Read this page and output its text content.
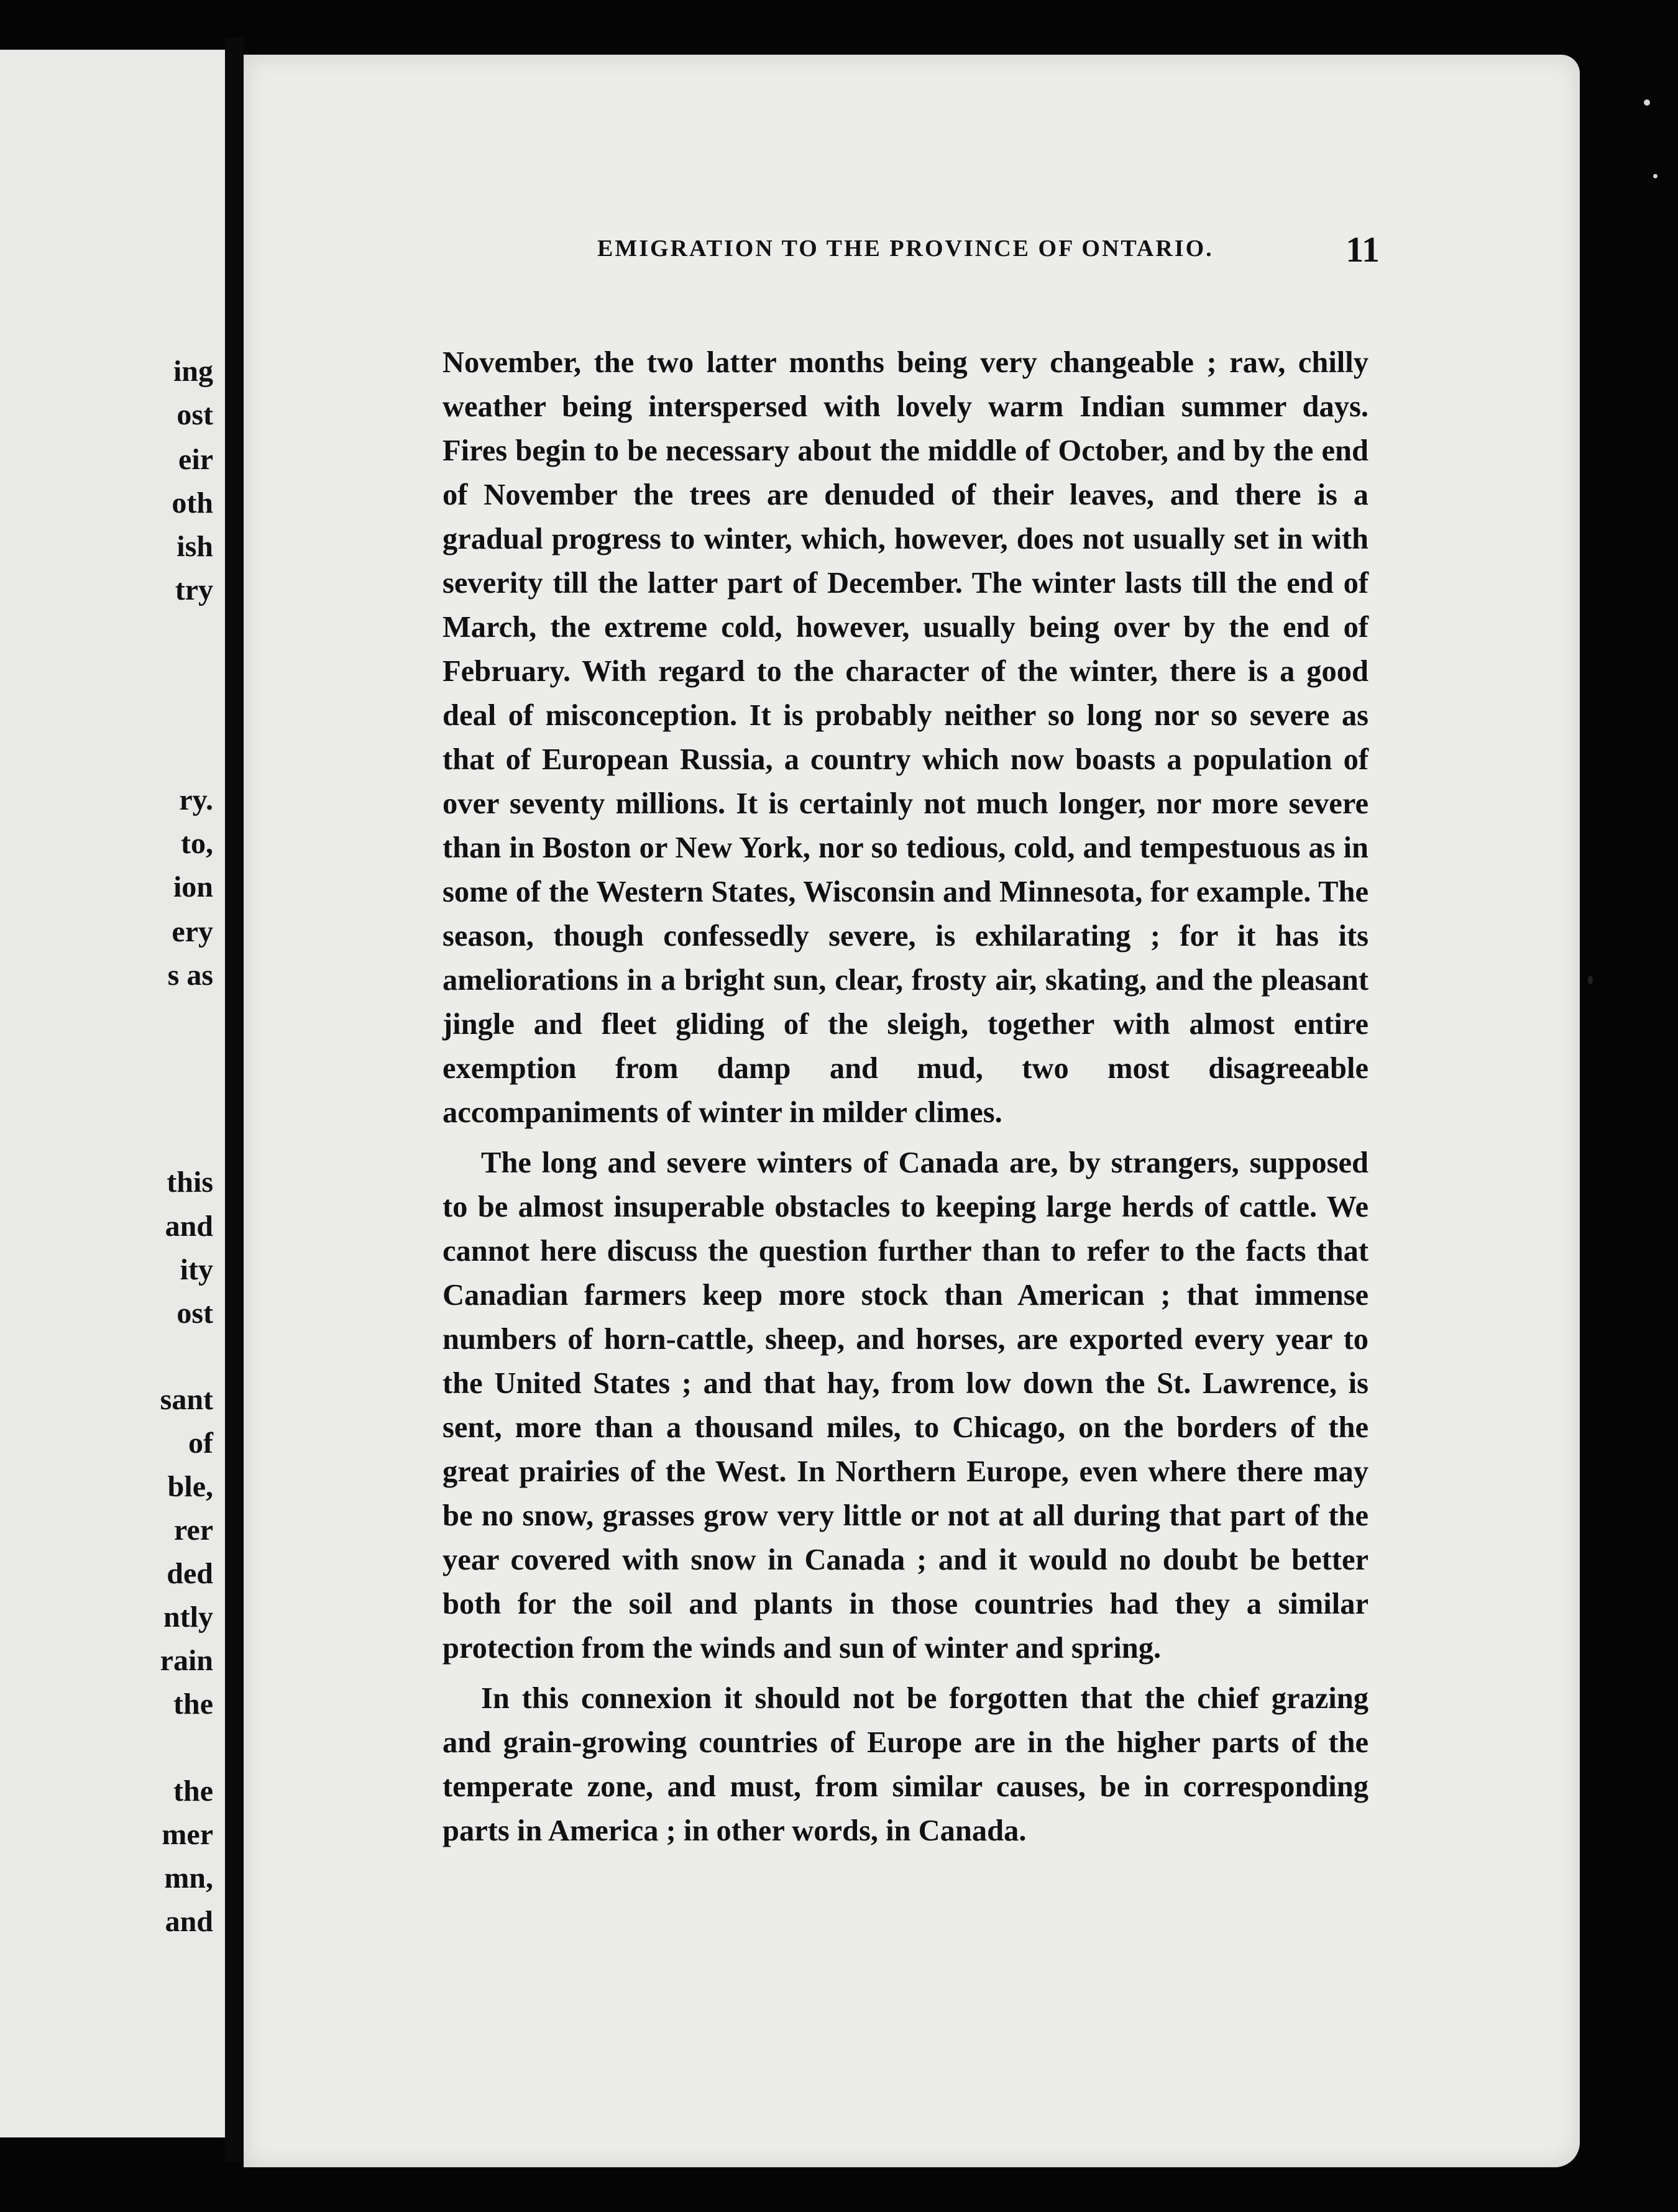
ing
ost
eir
oth
ish
try
ry.
to,
ion
ery
s as
this
and
ity
ost
sant
of
ble,
rer
ded
ntly
rain
the
the
mer
mn,
and
EMIGRATION TO THE PROVINCE OF ONTARIO.	11

November, the two latter months being very changeable ; raw, chilly weather being interspersed with lovely warm Indian summer days. Fires begin to be necessary about the middle of October, and by the end of November the trees are denuded of their leaves, and there is a gradual progress to winter, which, however, does not usually set in with severity till the latter part of December. The winter lasts till the end of March, the extreme cold, however, usually being over by the end of February. With regard to the character of the winter, there is a good deal of misconception. It is probably neither so long nor so severe as that of European Russia, a country which now boasts a population of over seventy millions. It is certainly not much longer, nor more severe than in Boston or New York, nor so tedious, cold, and tempestuous as in some of the Western States, Wisconsin and Minnesota, for example. The season, though confessedly severe, is exhilarating ; for it has its ameliorations in a bright sun, clear, frosty air, skating, and the pleasant jingle and fleet gliding of the sleigh, together with almost entire exemption from damp and mud, two most disagreeable accompaniments of winter in milder climes.

The long and severe winters of Canada are, by strangers, supposed to be almost insuperable obstacles to keeping large herds of cattle. We cannot here discuss the question further than to refer to the facts that Canadian farmers keep more stock than American ; that immense numbers of horn-cattle, sheep, and horses, are exported every year to the United States ; and that hay, from low down the St. Lawrence, is sent, more than a thousand miles, to Chicago, on the borders of the great prairies of the West. In Northern Europe, even where there may be no snow, grasses grow very little or not at all during that part of the year covered with snow in Canada ; and it would no doubt be better both for the soil and plants in those countries had they a similar protection from the winds and sun of winter and spring.

In this connexion it should not be forgotten that the chief grazing and grain-growing countries of Europe are in the higher parts of the temperate zone, and must, from similar causes, be in corresponding parts in America ; in other words, in Canada.
